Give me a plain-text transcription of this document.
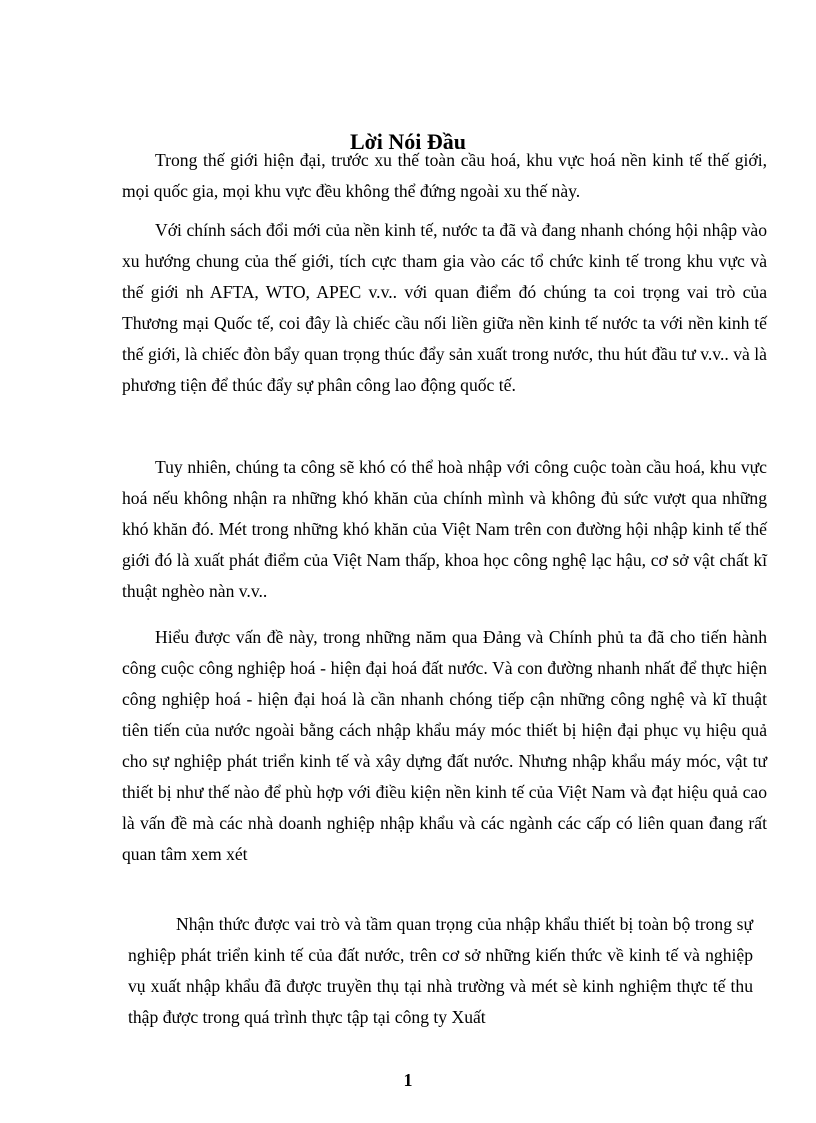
Lời Nói Đầu

Trong thế giới hiện đại, trước xu thế toàn cầu hoá, khu vực hoá nền kinh tế thế giới, mọi quốc gia, mọi khu vực đều không thể đứng ngoài xu thế này.

Với chính sách đổi mới của nền kinh tế, nước ta đã và đang nhanh chóng hội nhập vào xu hướng chung của thế giới, tích cực tham gia vào các tổ chức kinh tế trong khu vực và thế giới nh AFTA, WTO, APEC v.v.. với quan điểm đó chúng ta coi trọng vai trò của Thương mại Quốc tế, coi đây là chiếc cầu nối liền giữa nền kinh tế nước ta với nền kinh tế thế giới, là chiếc đòn bẩy quan trọng thúc đẩy sản xuất trong nước, thu hút đầu tư v.v.. và là phương tiện để thúc đẩy sự phân công lao động quốc tế.

Tuy nhiên, chúng ta công sẽ khó có thể hoà nhập với công cuộc toàn cầu hoá, khu vực hoá nếu không nhận ra những khó khăn của chính mình và không đủ sức vượt qua những khó khăn đó. Mét trong những khó khăn của Việt Nam trên con đường hội nhập kinh tế thế giới đó là xuất phát điểm của Việt Nam thấp, khoa học công nghệ lạc hậu, cơ sở vật chất kĩ thuật nghèo nàn v.v..

Hiểu được vấn đề này, trong những năm qua Đảng và Chính phủ ta đã cho tiến hành công cuộc công nghiệp hoá - hiện đại hoá đất nước. Và con đường nhanh nhất để thực hiện công nghiệp hoá - hiện đại hoá là cần nhanh chóng tiếp cận những công nghệ và kĩ thuật tiên tiến của nước ngoài bằng cách nhập khẩu máy móc thiết bị hiện đại phục vụ hiệu quả cho sự nghiệp phát triển kinh tế và xây dựng đất nước. Nhưng nhập khẩu máy móc, vật tư thiết bị như thế nào để phù hợp với điều kiện nền kinh tế của Việt Nam và đạt hiệu quả cao là vấn đề mà các nhà doanh nghiệp nhập khẩu và các ngành các cấp có liên quan đang rất quan tâm xem xét

Nhận thức được vai trò và tầm quan trọng của nhập khẩu thiết bị toàn bộ trong sự nghiệp phát triển kinh tế của đất nước, trên cơ sở những kiến thức về kinh tế và nghiệp vụ xuất nhập khẩu đã được truyền thụ tại nhà trường và mét sè kinh nghiệm thực tế thu thập được trong quá trình thực tập tại công ty Xuất

1
